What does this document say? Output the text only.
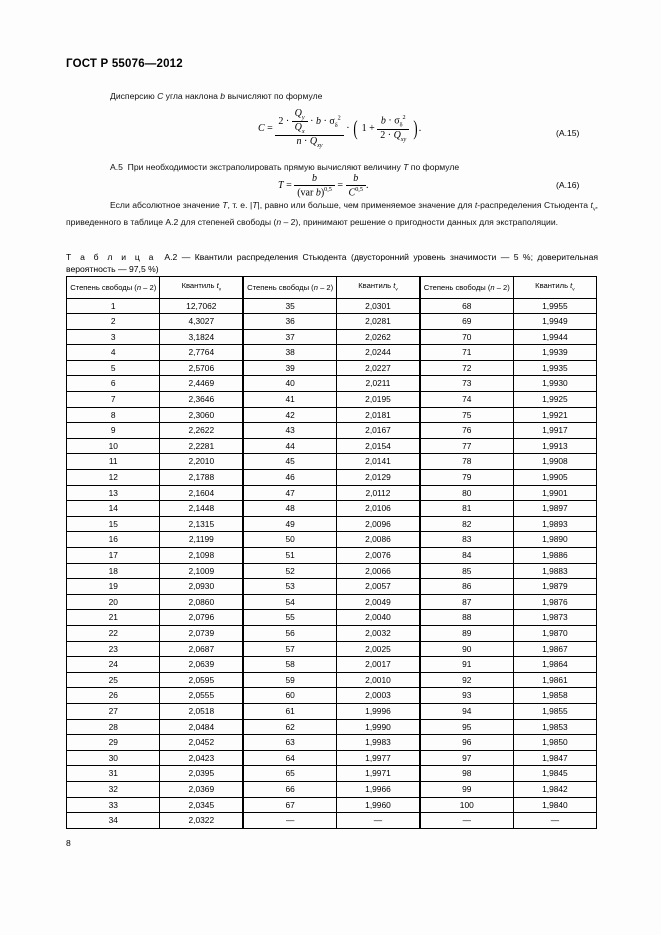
ГОСТ Р 55076—2012
Дисперсию C угла наклона b вычисляют по формуле
$C = \frac{2 \cdot \frac{Q_y}{Q_x} \cdot b \cdot \sigma_\delta^2}{n \cdot Q_{xy}}$ · ( $1 + \frac{b \cdot \sigma_\delta^2}{2 \cdot Q_{xy}}$ ).	(A.15)
А.5  При необходимости экстраполировать прямую вычисляют величину T по формуле
$T = \frac{b}{(var b)^{0,5}} = \frac{b}{C^{0,5}}$ .	(A.16)
Если абсолютное значение T, т. е. |T|, равно или больше, чем применяемое значение для t-распределения Стьюдента $t_v$, приведенного в таблице А.2 для степеней свободы (n – 2), принимают решение о пригодности данных для экстраполяции.
Т а б л и ц а А.2 — Квантили распределения Стьюдента (двусторонний уровень значимости — 5 %; доверительная вероятность — 97,5 %)
Степень свободы (n – 2)	Квантиль $t_v$	Степень свободы (n – 2)	Квантиль $t_v$	Степень свободы (n – 2)	Квантиль $t_v$
1	12,7062	35	2,0301	68	1,9955
2	4,3027	36	2,0281	69	1,9949
3	3,1824	37	2,0262	70	1,9944
4	2,7764	38	2,0244	71	1,9939
5	2,5706	39	2,0227	72	1,9935
6	2,4469	40	2,0211	73	1,9930
7	2,3646	41	2,0195	74	1,9925
8	2,3060	42	2,0181	75	1,9921
9	2,2622	43	2,0167	76	1,9917
10	2,2281	44	2,0154	77	1,9913
11	2,2010	45	2,0141	78	1,9908
12	2,1788	46	2,0129	79	1,9905
13	2,1604	47	2,0112	80	1,9901
14	2,1448	48	2,0106	81	1,9897
15	2,1315	49	2,0096	82	1,9893
16	2,1199	50	2,0086	83	1,9890
17	2,1098	51	2,0076	84	1,9886
18	2,1009	52	2,0066	85	1,9883
19	2,0930	53	2,0057	86	1,9879
20	2,0860	54	2,0049	87	1,9876
21	2,0796	55	2,0040	88	1,9873
22	2,0739	56	2,0032	89	1,9870
23	2,0687	57	2,0025	90	1,9867
24	2,0639	58	2,0017	91	1,9864
25	2,0595	59	2,0010	92	1,9861
26	2,0555	60	2,0003	93	1,9858
27	2,0518	61	1,9996	94	1,9855
28	2,0484	62	1,9990	95	1,9853
29	2,0452	63	1,9983	96	1,9850
30	2,0423	64	1,9977	97	1,9847
31	2,0395	65	1,9971	98	1,9845
32	2,0369	66	1,9966	99	1,9842
33	2,0345	67	1,9960	100	1,9840
34	2,0322	—	—	—	—
8
